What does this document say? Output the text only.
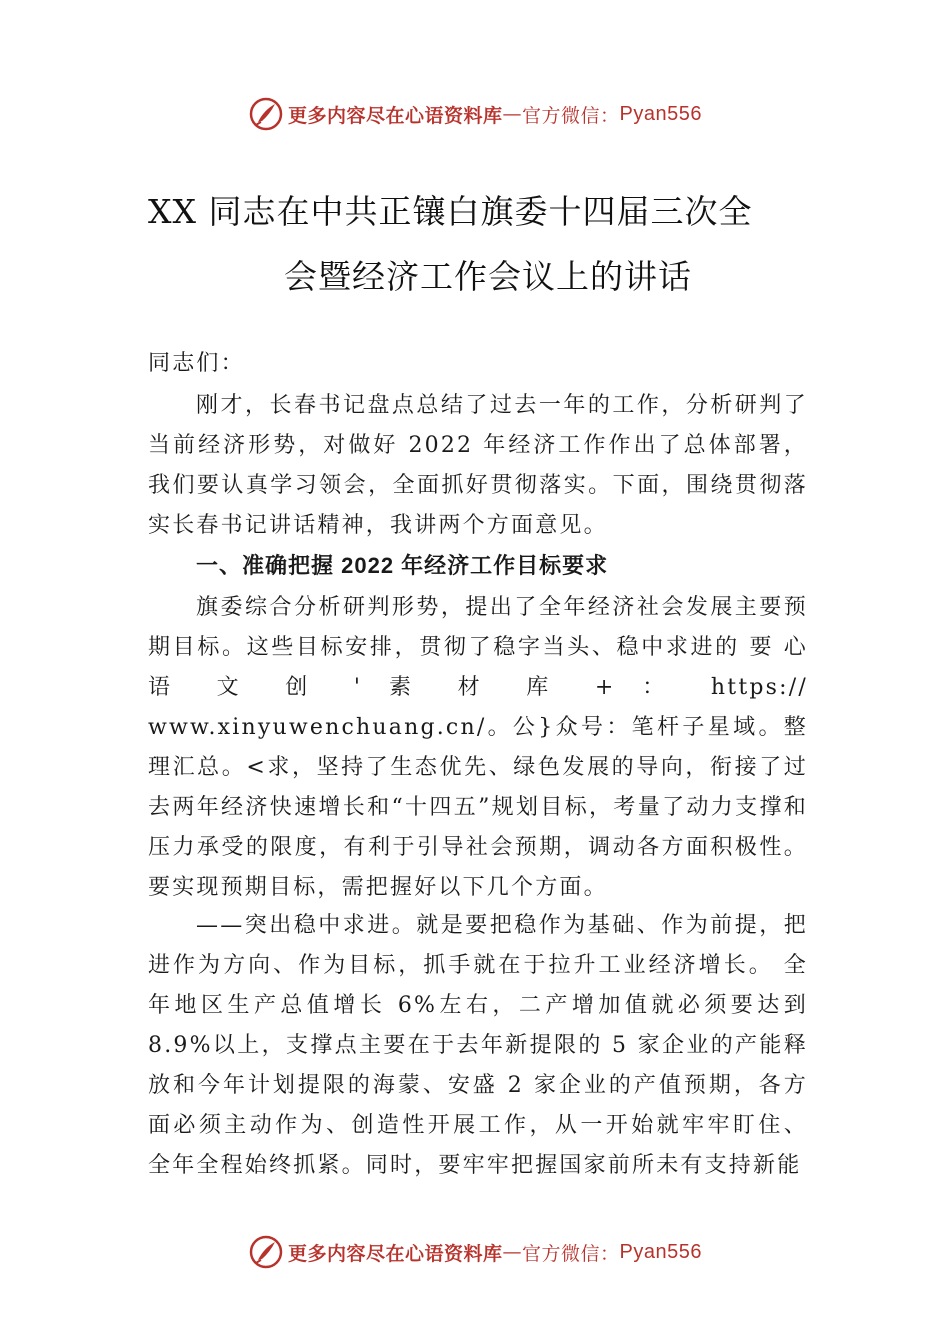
更多内容尽在心语资料库 — 官方微信： Pyan556
XX 同志在中共正镶白旗委十四届三次全
会暨经济工作会议上的讲话
同志们：
刚才，长春书记盘点总结了过去一年的工作，分析研判了当前经济形势，对做好 2022 年经济工作作出了总体部署，我们要认真学习领会，全面抓好贯彻落实。下面，围绕贯彻落实长春书记讲话精神，我讲两个方面意见。
一、准确把握 2022 年经济工作目标要求
旗委综合分析研判形势，提出了全年经济社会发展主要预期目标。这些目标安排，贯彻了稳字当头、稳中求进的 要 心 语 文 创 ' 素 材 库 + ： https:// www.xinyuwenchuang.cn/。公}众号：笔杆子星域。整理汇总。<求，坚持了生态优先、绿色发展的导向，衔接了过去两年经济快速增长和“十四五”规划目标，考量了动力支撑和压力承受的限度，有利于引导社会预期，调动各方面积极性。要实现预期目标，需把握好以下几个方面。
——突出稳中求进。就是要把稳作为基础、作为前提，把进作为方向、作为目标，抓手就在于拉升工业经济增长。 全年地区生产总值增长 6%左右，二产增加值就必须要达到 8.9%以上，支撑点主要在于去年新提限的 5 家企业的产能释放和今年计划提限的海蒙、安盛 2 家企业的产值预期，各方面必须主动作为、创造性开展工作，从一开始就牢牢盯住、 全年全程始终抓紧。同时，要牢牢把握国家前所未有支持新能
更多内容尽在心语资料库 — 官方微信： Pyan556
